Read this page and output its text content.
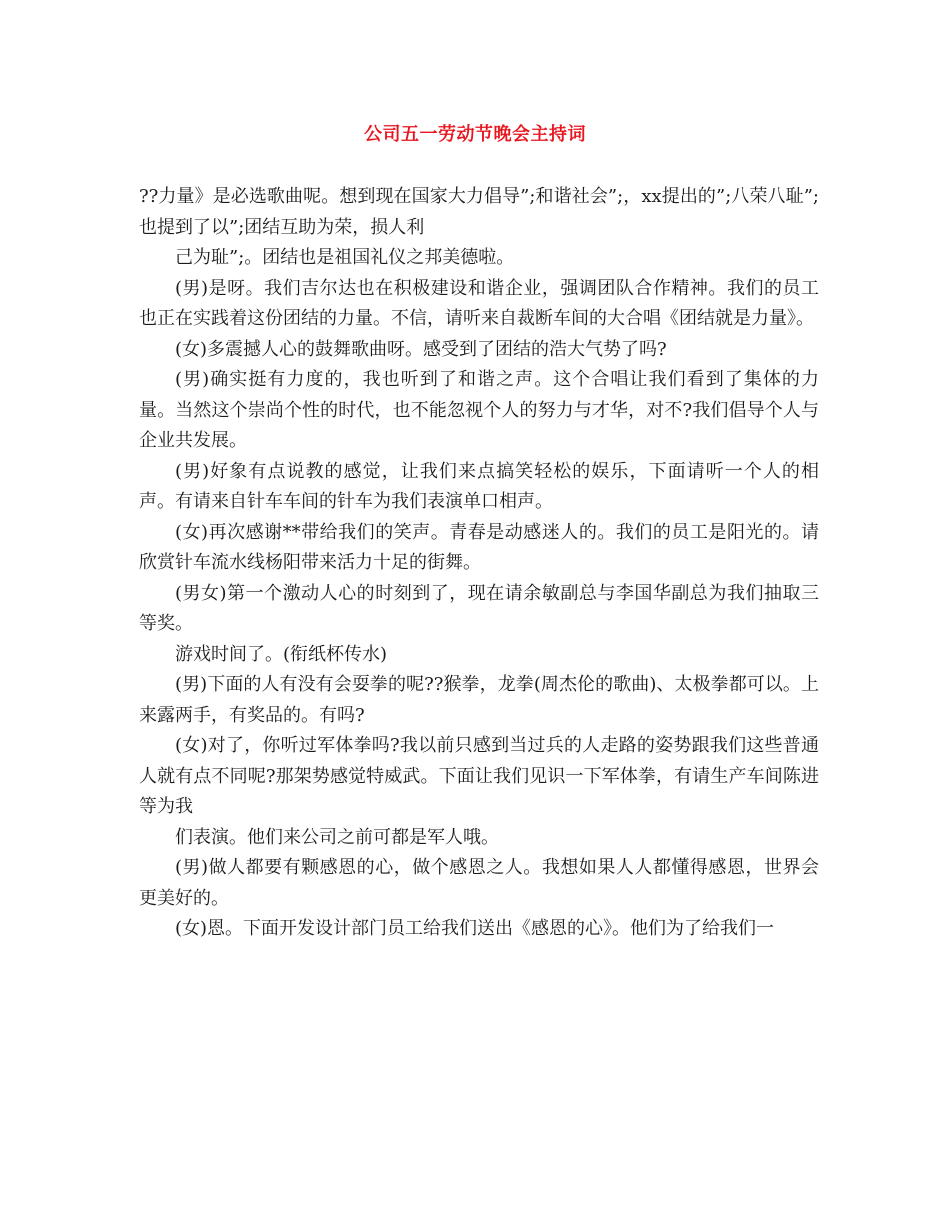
公司五一劳动节晚会主持词

??力量》是必选歌曲呢。想到现在国家大力倡导”;和谐社会”;，xx提出的”;八荣八耻”;也提到了以”;团结互助为荣，损人利

己为耻”;。团结也是祖国礼仪之邦美德啦。

(男)是呀。我们吉尔达也在积极建设和谐企业，强调团队合作精神。我们的员工也正在实践着这份团结的力量。不信，请听来自裁断车间的大合唱《团结就是力量》。

(女)多震撼人心的鼓舞歌曲呀。感受到了团结的浩大气势了吗?

(男)确实挺有力度的，我也听到了和谐之声。这个合唱让我们看到了集体的力量。当然这个崇尚个性的时代，也不能忽视个人的努力与才华，对不?我们倡导个人与企业共发展。

(男)好象有点说教的感觉，让我们来点搞笑轻松的娱乐，下面请听一个人的相声。有请来自针车车间的针车为我们表演单口相声。

(女)再次感谢**带给我们的笑声。青春是动感迷人的。我们的员工是阳光的。请欣赏针车流水线杨阳带来活力十足的街舞。

(男女)第一个激动人心的时刻到了，现在请余敏副总与李国华副总为我们抽取三等奖。

游戏时间了。(衔纸杯传水)

(男)下面的人有没有会耍拳的呢??猴拳，龙拳(周杰伦的歌曲)、太极拳都可以。上来露两手，有奖品的。有吗?

(女)对了，你听过军体拳吗?我以前只感到当过兵的人走路的姿势跟我们这些普通人就有点不同呢?那架势感觉特威武。下面让我们见识一下军体拳，有请生产车间陈进等为我

们表演。他们来公司之前可都是军人哦。

(男)做人都要有颗感恩的心，做个感恩之人。我想如果人人都懂得感恩，世界会更美好的。

(女)恩。下面开发设计部门员工给我们送出《感恩的心》。他们为了给我们一
